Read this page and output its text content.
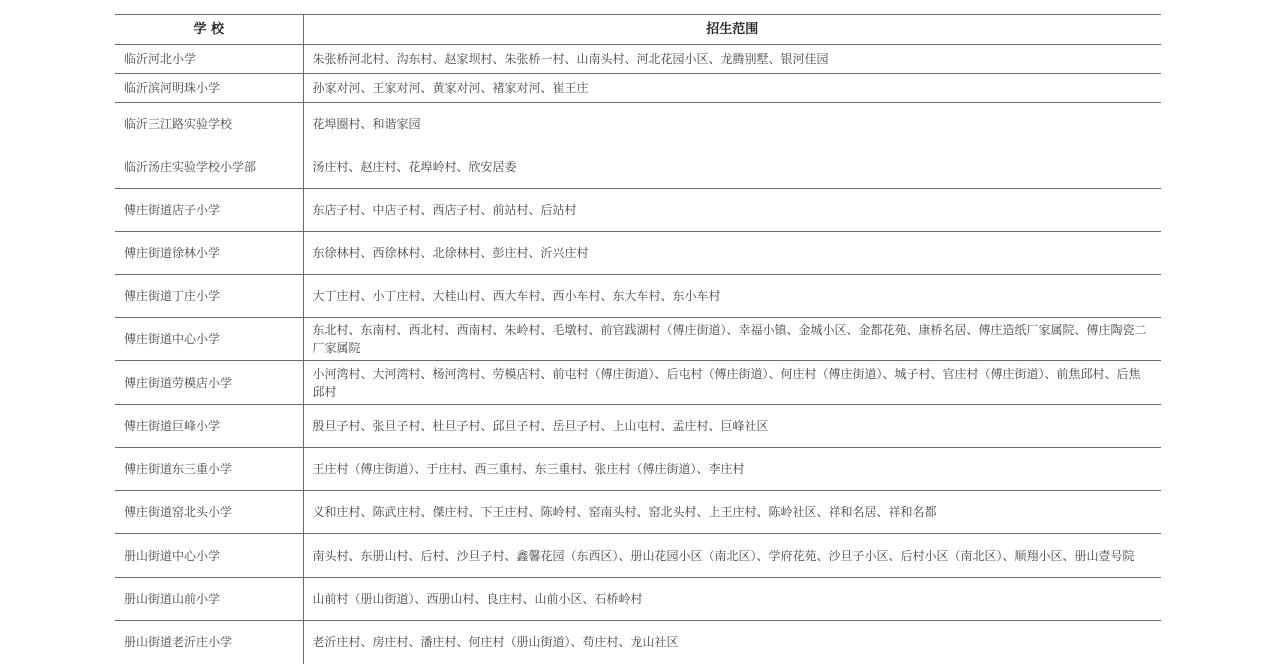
学 校	招生范围
临沂河北小学	朱张桥河北村、沟东村、赵家坝村、朱张桥一村、山南头村、河北花园小区、龙腾别墅、银河佳园
临沂滨河明珠小学	孙家对河、王家对河、黄家对河、褚家对河、崔王庄
临沂三江路实验学校	花埠圈村、和谐家园
临沂汤庄实验学校小学部	汤庄村、赵庄村、花埠岭村、欣安居委
傅庄街道店子小学	东店子村、中店子村、西店子村、前站村、后站村
傅庄街道徐林小学	东徐林村、西徐林村、北徐林村、彭庄村、沂兴庄村
傅庄街道丁庄小学	大丁庄村、小丁庄村、大桂山村、西大车村、西小车村、东大车村、东小车村
傅庄街道中心小学	东北村、东南村、西北村、西南村、朱岭村、毛墩村、前官践湖村（傅庄街道）、幸福小镇、金城小区、金都花苑、康桥名居、傅庄造纸厂家属院、傅庄陶瓷二厂家属院
傅庄街道劳模店小学	小河湾村、大河湾村、杨河湾村、劳模店村、前屯村（傅庄街道）、后屯村（傅庄街道）、何庄村（傅庄街道）、城子村、官庄村（傅庄街道）、前焦邱村、后焦邱村
傅庄街道巨峰小学	殷旦子村、张旦子村、杜旦子村、邱旦子村、岳旦子村、上山屯村、孟庄村、巨峰社区
傅庄街道东三重小学	王庄村（傅庄街道）、于庄村、西三重村、东三重村、张庄村（傅庄街道）、李庄村
傅庄街道窑北头小学	义和庄村、陈武庄村、傑庄村、下王庄村、陈岭村、窑南头村、窑北头村、上王庄村、陈岭社区、祥和名居、祥和名都
册山街道中心小学	南头村、东册山村、后村、沙旦子村、鑫馨花园（东西区）、册山花园小区（南北区）、学府花苑、沙旦子小区、后村小区（南北区）、顺翔小区、册山壹号院
册山街道山前小学	山前村（册山街道）、西册山村、良庄村、山前小区、石桥岭村
册山街道老沂庄小学	老沂庄村、房庄村、潘庄村、何庄村（册山街道）、苟庄村、龙山社区
